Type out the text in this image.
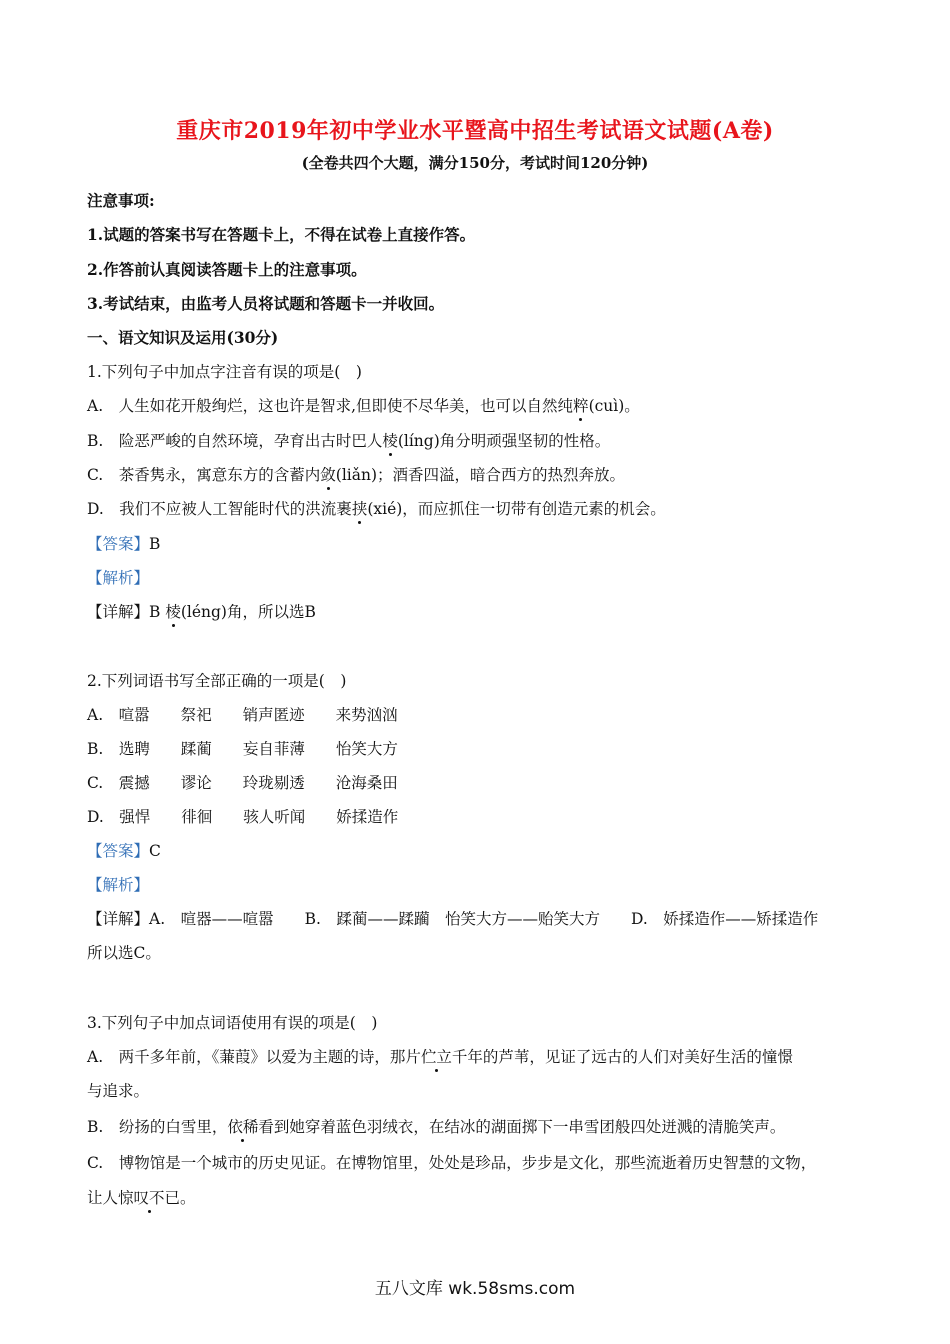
重庆市2019年初中学业水平暨高中招生考试语文试题(A卷)
(全卷共四个大题，满分150分，考试时间120分钟)
注意事项:
1.试题的答案书写在答题卡上，不得在试卷上直接作答。
2.作答前认真阅读答题卡上的注意事项。
3.考试结束，由监考人员将试题和答题卡一并收回。
一、语文知识及运用(30分)
1.下列句子中加点字注音有误的项是(　)
A.　人生如花开般绚烂，这也许是智求,但即使不尽华美，也可以自然纯粹(cuì)。
B.　险恶严峻的自然环境，孕育出古时巴人棱(líng)角分明顽强坚韧的性格。
C.　茶香隽永，寓意东方的含蓄内敛(liǎn)；酒香四溢，暗合西方的热烈奔放。
D.　我们不应被人工智能时代的洪流裹挟(xié)，而应抓住一切带有创造元素的机会。
【答案】B
【解析】
【详解】B 棱(léng)角，所以选B
2.下列词语书写全部正确的一项是(　)
A.　喧嚣　　祭祀　　销声匿迹　　来势汹汹
B.　选聘　　蹂蔺　　妄自菲薄　　怡笑大方
C.　震撼　　谬论　　玲珑剔透　　沧海桑田
D.　强悍　　徘徊　　骇人听闻　　娇揉造作
【答案】C
【解析】
【详解】A.　喧器——喧嚣　　B.　蹂蔺——蹂躏　怡笑大方——贻笑大方　　D.　娇揉造作——矫揉造作
所以选C。
3.下列句子中加点词语使用有误的项是(　)
A.　两千多年前，《蒹葭》以爱为主题的诗，那片伫立千年的芦苇，见证了远古的人们对美好生活的憧憬
与追求。
B.　纷扬的白雪里，依稀看到她穿着蓝色羽绒衣，在结冰的湖面掷下一串雪团般四处迸溅的清脆笑声。
C.　博物馆是一个城市的历史见证。在博物馆里，处处是珍品，步步是文化，那些流逝着历史智慧的文物，
让人惊叹不已。
五八文库 wk.58sms.com
